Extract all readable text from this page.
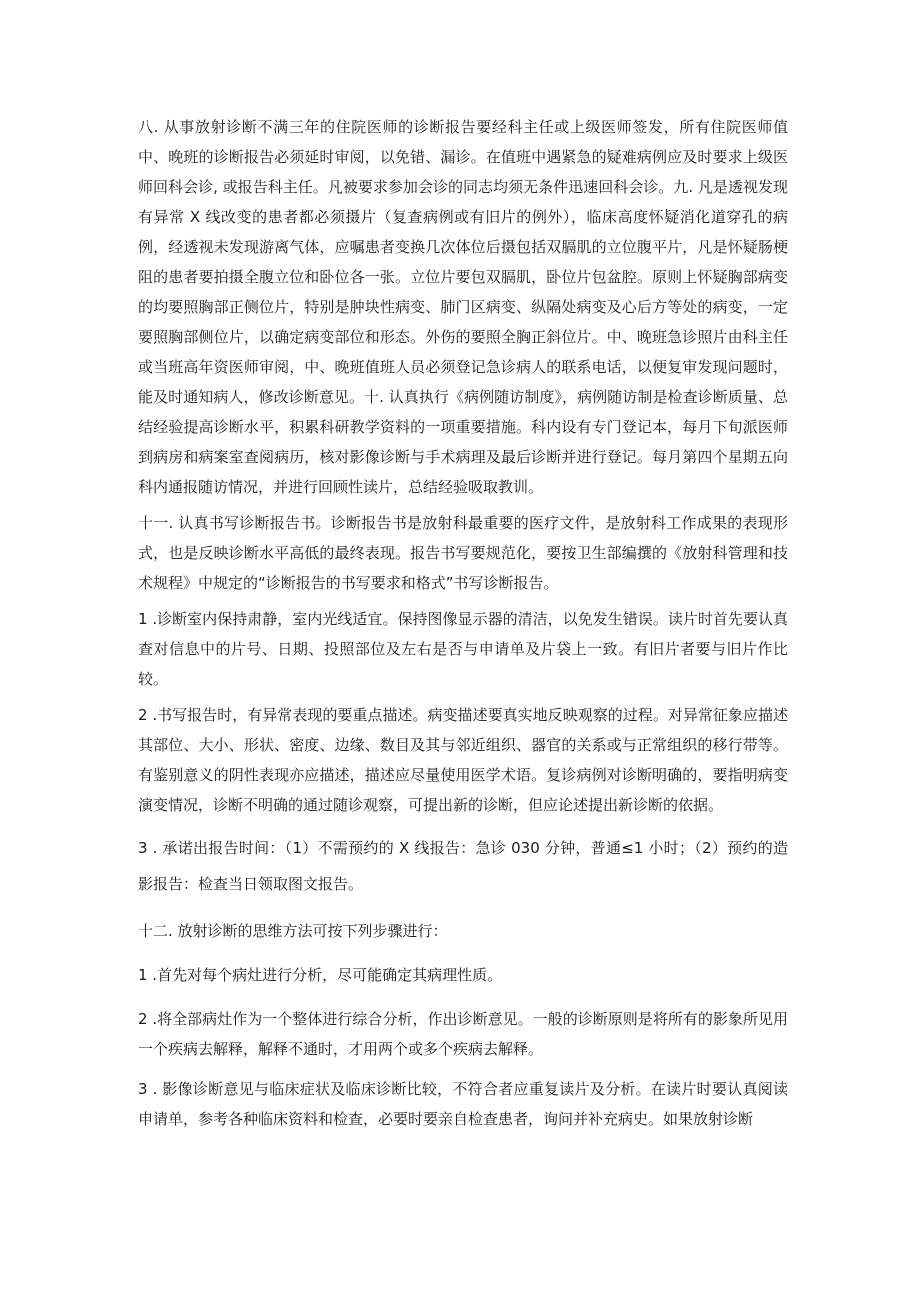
八. 从事放射诊断不满三年的住院医师的诊断报告要经科主任或上级医师签发，所有住院医师值中、晚班的诊断报告必须延时审阅，以免错、漏诊。在值班中遇紧急的疑难病例应及时要求上级医师回科会诊, 或报告科主任。凡被要求参加会诊的同志均须无条件迅速回科会诊。九. 凡是透视发现有异常 X 线改变的患者都必须摄片（复查病例或有旧片的例外），临床高度怀疑消化道穿孔的病例，经透视未发现游离气体，应嘱患者变换几次体位后摄包括双膈肌的立位腹平片，凡是怀疑肠梗阻的患者要拍摄全腹立位和卧位各一张。立位片要包双膈肌，卧位片包盆腔。原则上怀疑胸部病变的均要照胸部正侧位片，特别是肿块性病变、肺门区病变、纵隔处病变及心后方等处的病变，一定要照胸部侧位片，以确定病变部位和形态。外伤的要照全胸正斜位片。中、晚班急诊照片由科主任或当班高年资医师审阅，中、晚班值班人员必须登记急诊病人的联系电话，以便复审发现问题时，能及时通知病人，修改诊断意见。十. 认真执行《病例随访制度》，病例随访制是检查诊断质量、总结经验提高诊断水平，积累科研教学资料的一项重要措施。科内设有专门登记本，每月下旬派医师到病房和病案室查阅病历，核对影像诊断与手术病理及最后诊断并进行登记。每月第四个星期五向科内通报随访情况，并进行回顾性读片，总结经验吸取教训。

十一. 认真书写诊断报告书。诊断报告书是放射科最重要的医疗文件，是放射科工作成果的表现形式，也是反映诊断水平高低的最终表现。报告书写要规范化，要按卫生部编撰的《放射科管理和技术规程》中规定的“诊断报告的书写要求和格式”书写诊断报告。

1 .诊断室内保持肃静，室内光线适宜。保持图像显示器的清洁，以免发生错误。读片时首先要认真查对信息中的片号、日期、投照部位及左右是否与申请单及片袋上一致。有旧片者要与旧片作比较。

2 .书写报告时，有异常表现的要重点描述。病变描述要真实地反映观察的过程。对异常征象应描述其部位、大小、形状、密度、边缘、数目及其与邻近组织、器官的关系或与正常组织的移行带等。有鉴别意义的阴性表现亦应描述，描述应尽量使用医学术语。复诊病例对诊断明确的，要指明病变演变情况，诊断不明确的通过随诊观察，可提出新的诊断，但应论述提出新诊断的依据。

3 . 承诺出报告时间：（1）不需预约的 X 线报告：急诊 030 分钟，普通≤1 小时；（2）预约的造影报告：检查当日领取图文报告。

十二. 放射诊断的思维方法可按下列步骤进行：

1 .首先对每个病灶进行分析，尽可能确定其病理性质。

2 .将全部病灶作为一个整体进行综合分析，作出诊断意见。一般的诊断原则是将所有的影象所见用一个疾病去解释，解释不通时，才用两个或多个疾病去解释。

3 . 影像诊断意见与临床症状及临床诊断比较，不符合者应重复读片及分析。在读片时要认真阅读申请单，参考各种临床资料和检查，必要时要亲自检查患者，询问并补充病史。如果放射诊断
